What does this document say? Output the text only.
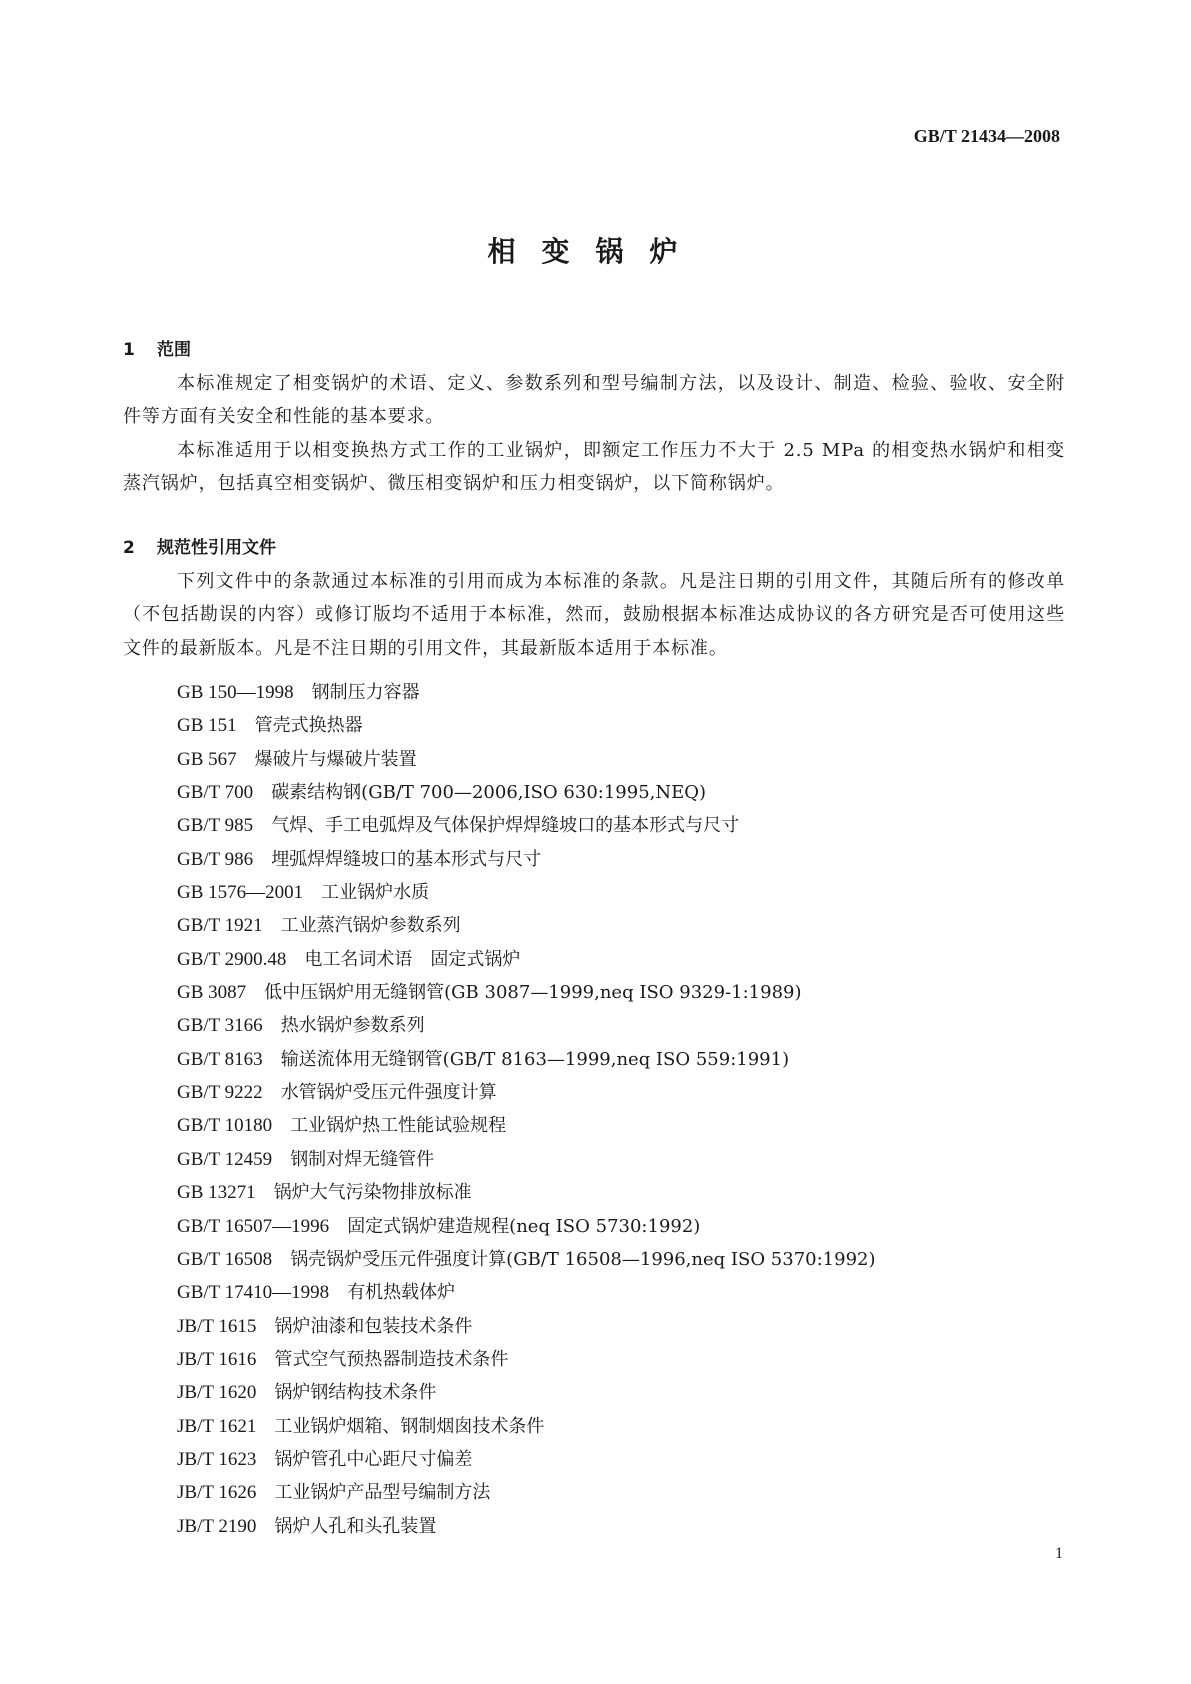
GB/T 21434—2008
相变锅炉
1 范围

本标准规定了相变锅炉的术语、定义、参数系列和型号编制方法，以及设计、制造、检验、验收、安全附件等方面有关安全和性能的基本要求。

本标准适用于以相变换热方式工作的工业锅炉，即额定工作压力不大于 2.5 MPa 的相变热水锅炉和相变蒸汽锅炉，包括真空相变锅炉、微压相变锅炉和压力相变锅炉，以下简称锅炉。

2 规范性引用文件

下列文件中的条款通过本标准的引用而成为本标准的条款。凡是注日期的引用文件，其随后所有的修改单（不包括勘误的内容）或修订版均不适用于本标准，然而，鼓励根据本标准达成协议的各方研究是否可使用这些文件的最新版本。凡是不注日期的引用文件，其最新版本适用于本标准。

GB 150—1998 钢制压力容器
GB 151 管壳式换热器
GB 567 爆破片与爆破片装置
GB/T 700 碳素结构钢(GB/T 700—2006,ISO 630:1995,NEQ)
GB/T 985 气焊、手工电弧焊及气体保护焊焊缝坡口的基本形式与尺寸
GB/T 986 埋弧焊焊缝坡口的基本形式与尺寸
GB 1576—2001 工业锅炉水质
GB/T 1921 工业蒸汽锅炉参数系列
GB/T 2900.48 电工名词术语　固定式锅炉
GB 3087 低中压锅炉用无缝钢管(GB 3087—1999,neq ISO 9329-1:1989)
GB/T 3166 热水锅炉参数系列
GB/T 8163 输送流体用无缝钢管(GB/T 8163—1999,neq ISO 559:1991)
GB/T 9222 水管锅炉受压元件强度计算
GB/T 10180 工业锅炉热工性能试验规程
GB/T 12459 钢制对焊无缝管件
GB 13271 锅炉大气污染物排放标准
GB/T 16507—1996 固定式锅炉建造规程(neq ISO 5730:1992)
GB/T 16508 锅壳锅炉受压元件强度计算(GB/T 16508—1996,neq ISO 5370:1992)
GB/T 17410—1998 有机热载体炉
JB/T 1615 锅炉油漆和包装技术条件
JB/T 1616 管式空气预热器制造技术条件
JB/T 1620 锅炉钢结构技术条件
JB/T 1621 工业锅炉烟箱、钢制烟囱技术条件
JB/T 1623 锅炉管孔中心距尺寸偏差
JB/T 1626 工业锅炉产品型号编制方法
JB/T 2190 锅炉人孔和头孔装置
1
